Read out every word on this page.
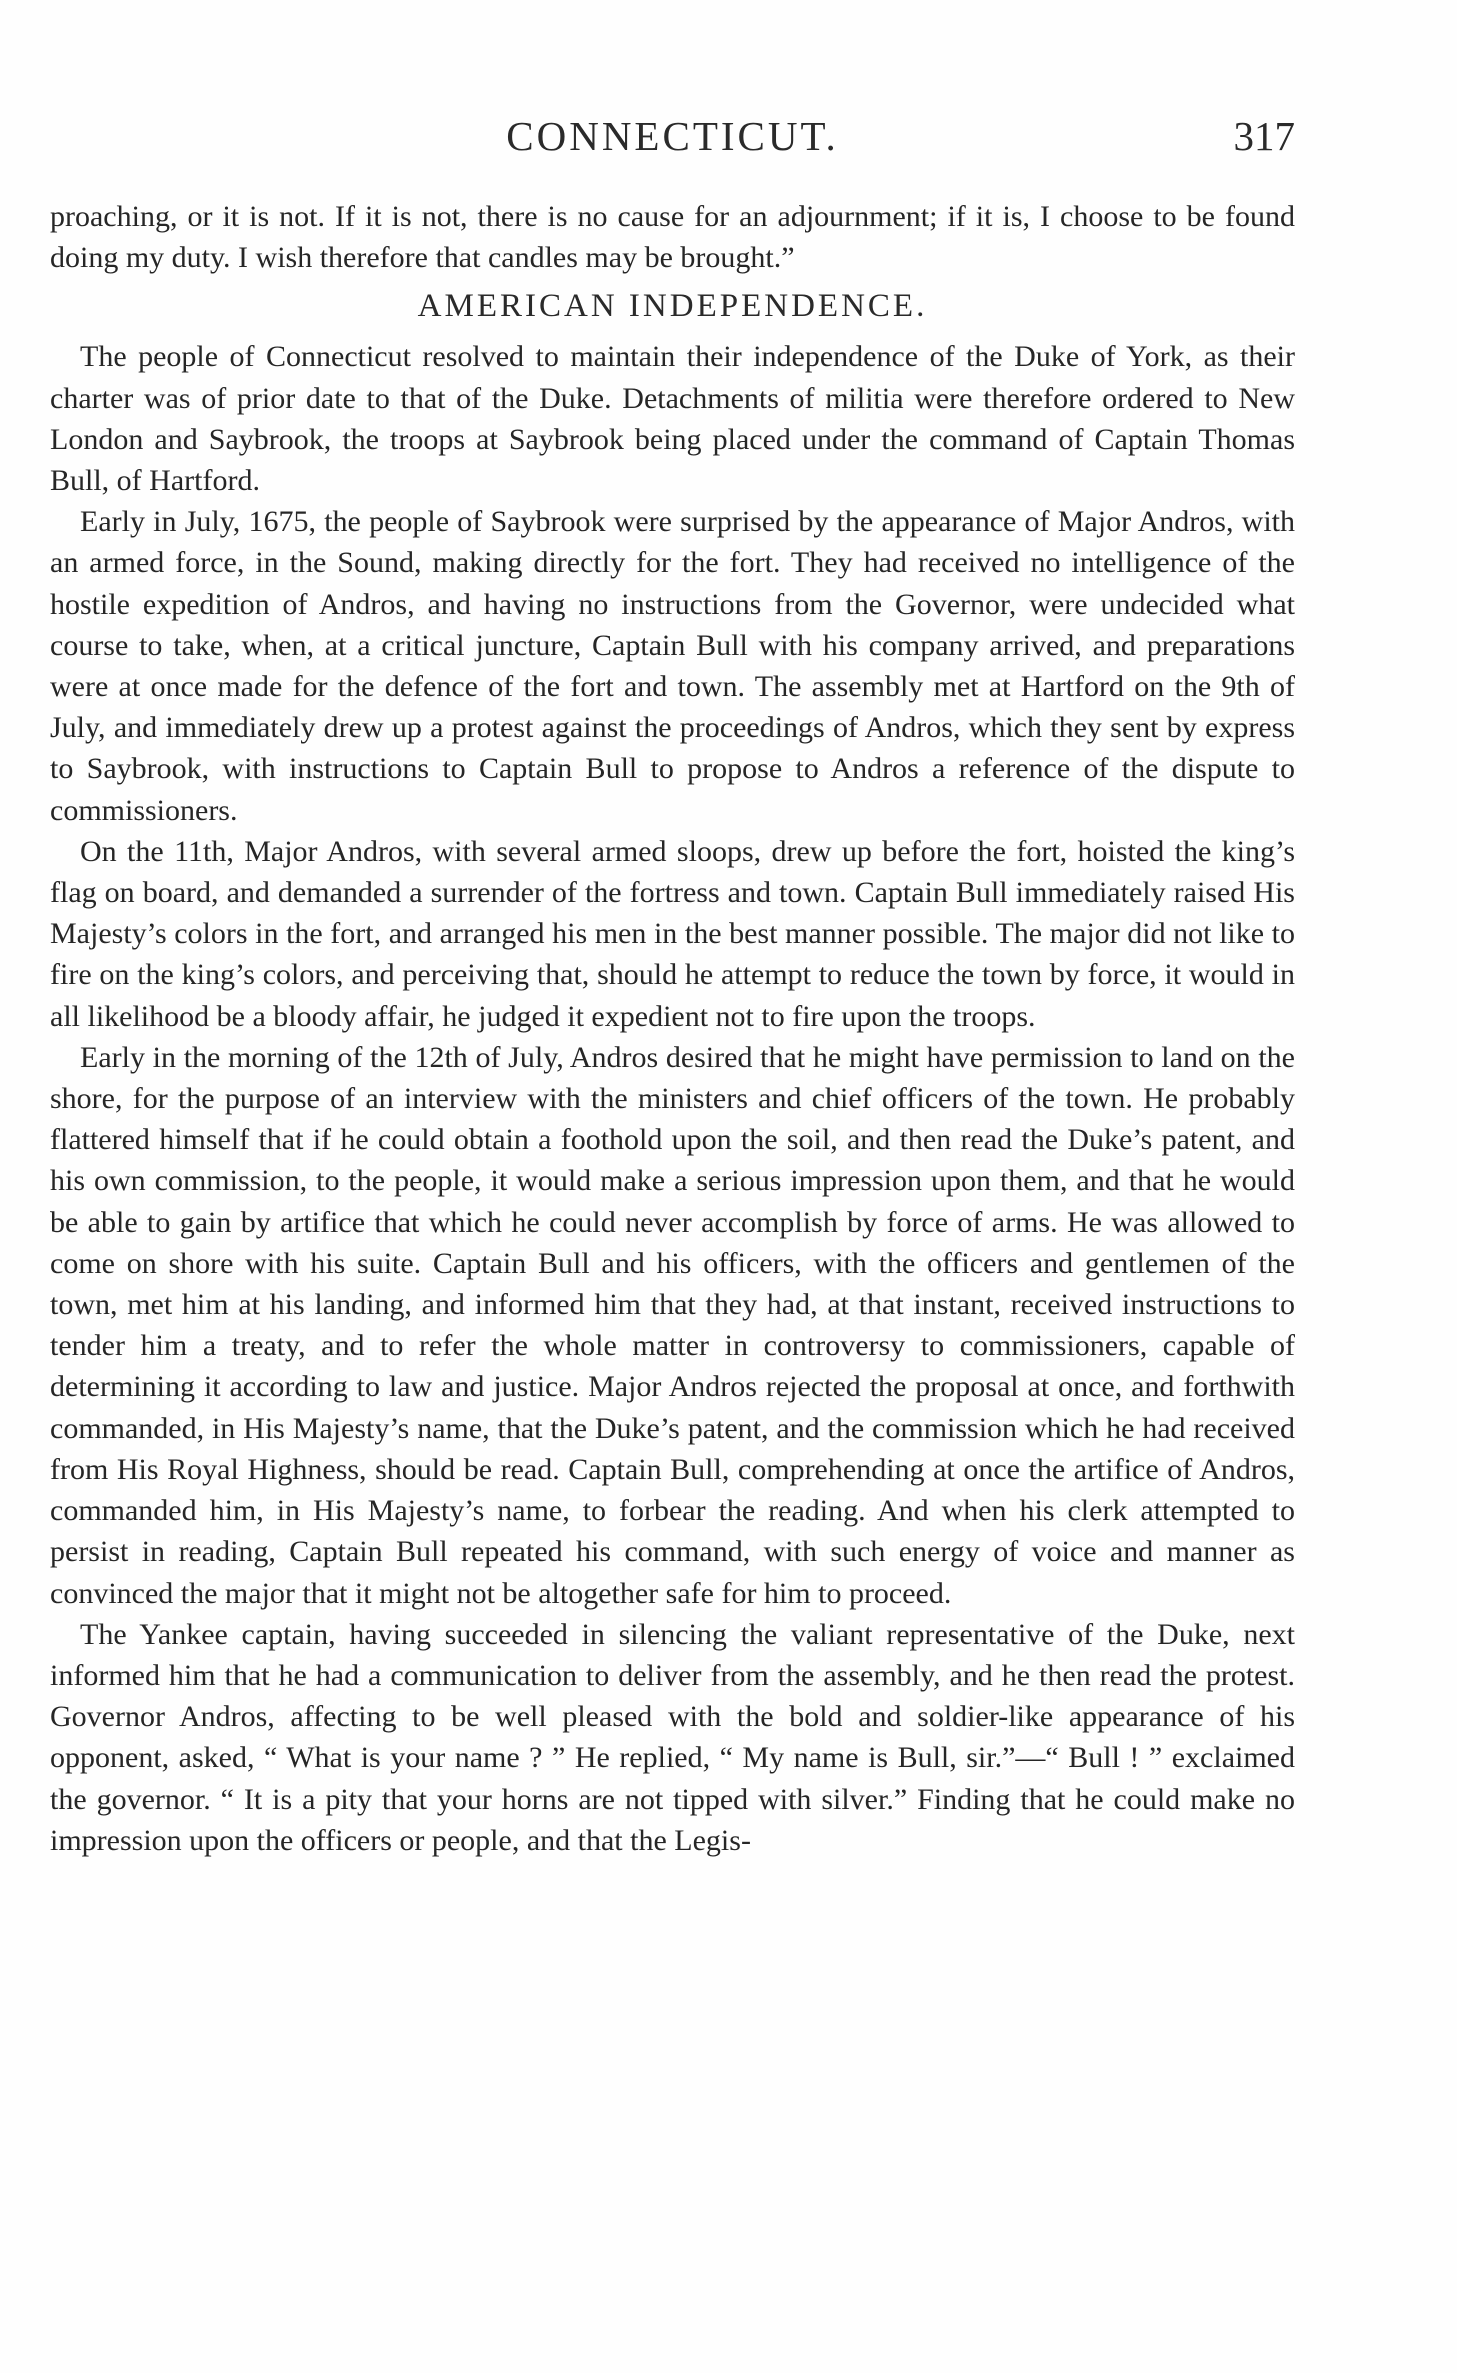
CONNECTICUT.	317

proaching, or it is not. If it is not, there is no cause for an adjournment; if it is, I choose to be found doing my duty. I wish therefore that candles may be brought.”

AMERICAN INDEPENDENCE.

The people of Connecticut resolved to maintain their independence of the Duke of York, as their charter was of prior date to that of the Duke. Detachments of militia were therefore ordered to New London and Saybrook, the troops at Saybrook being placed under the command of Captain Thomas Bull, of Hartford.

Early in July, 1675, the people of Saybrook were surprised by the appearance of Major Andros, with an armed force, in the Sound, making directly for the fort. They had received no intelligence of the hostile expedition of Andros, and having no instructions from the Governor, were undecided what course to take, when, at a critical juncture, Captain Bull with his company arrived, and preparations were at once made for the defence of the fort and town. The assembly met at Hartford on the 9th of July, and immediately drew up a protest against the proceedings of Andros, which they sent by express to Saybrook, with instructions to Captain Bull to propose to Andros a reference of the dispute to commissioners.

On the 11th, Major Andros, with several armed sloops, drew up before the fort, hoisted the king’s flag on board, and demanded a surrender of the fortress and town. Captain Bull immediately raised His Majesty’s colors in the fort, and arranged his men in the best manner possible. The major did not like to fire on the king’s colors, and perceiving that, should he attempt to reduce the town by force, it would in all likelihood be a bloody affair, he judged it expedient not to fire upon the troops.

Early in the morning of the 12th of July, Andros desired that he might have permission to land on the shore, for the purpose of an interview with the ministers and chief officers of the town. He probably flattered himself that if he could obtain a foothold upon the soil, and then read the Duke’s patent, and his own commission, to the people, it would make a serious impression upon them, and that he would be able to gain by artifice that which he could never accomplish by force of arms. He was allowed to come on shore with his suite. Captain Bull and his officers, with the officers and gentlemen of the town, met him at his landing, and informed him that they had, at that instant, received instructions to tender him a treaty, and to refer the whole matter in controversy to commissioners, capable of determining it according to law and justice. Major Andros rejected the proposal at once, and forthwith commanded, in His Majesty’s name, that the Duke’s patent, and the commission which he had received from His Royal Highness, should be read. Captain Bull, comprehending at once the artifice of Andros, commanded him, in His Majesty’s name, to forbear the reading. And when his clerk attempted to persist in reading, Captain Bull repeated his command, with such energy of voice and manner as convinced the major that it might not be altogether safe for him to proceed.

The Yankee captain, having succeeded in silencing the valiant representative of the Duke, next informed him that he had a communication to deliver from the assembly, and he then read the protest. Governor Andros, affecting to be well pleased with the bold and soldier-like appearance of his opponent, asked, “ What is your name ? ” He replied, “ My name is Bull, sir.”—“ Bull ! ” exclaimed the governor. “ It is a pity that your horns are not tipped with silver.” Finding that he could make no impression upon the officers or people, and that the Legis-
